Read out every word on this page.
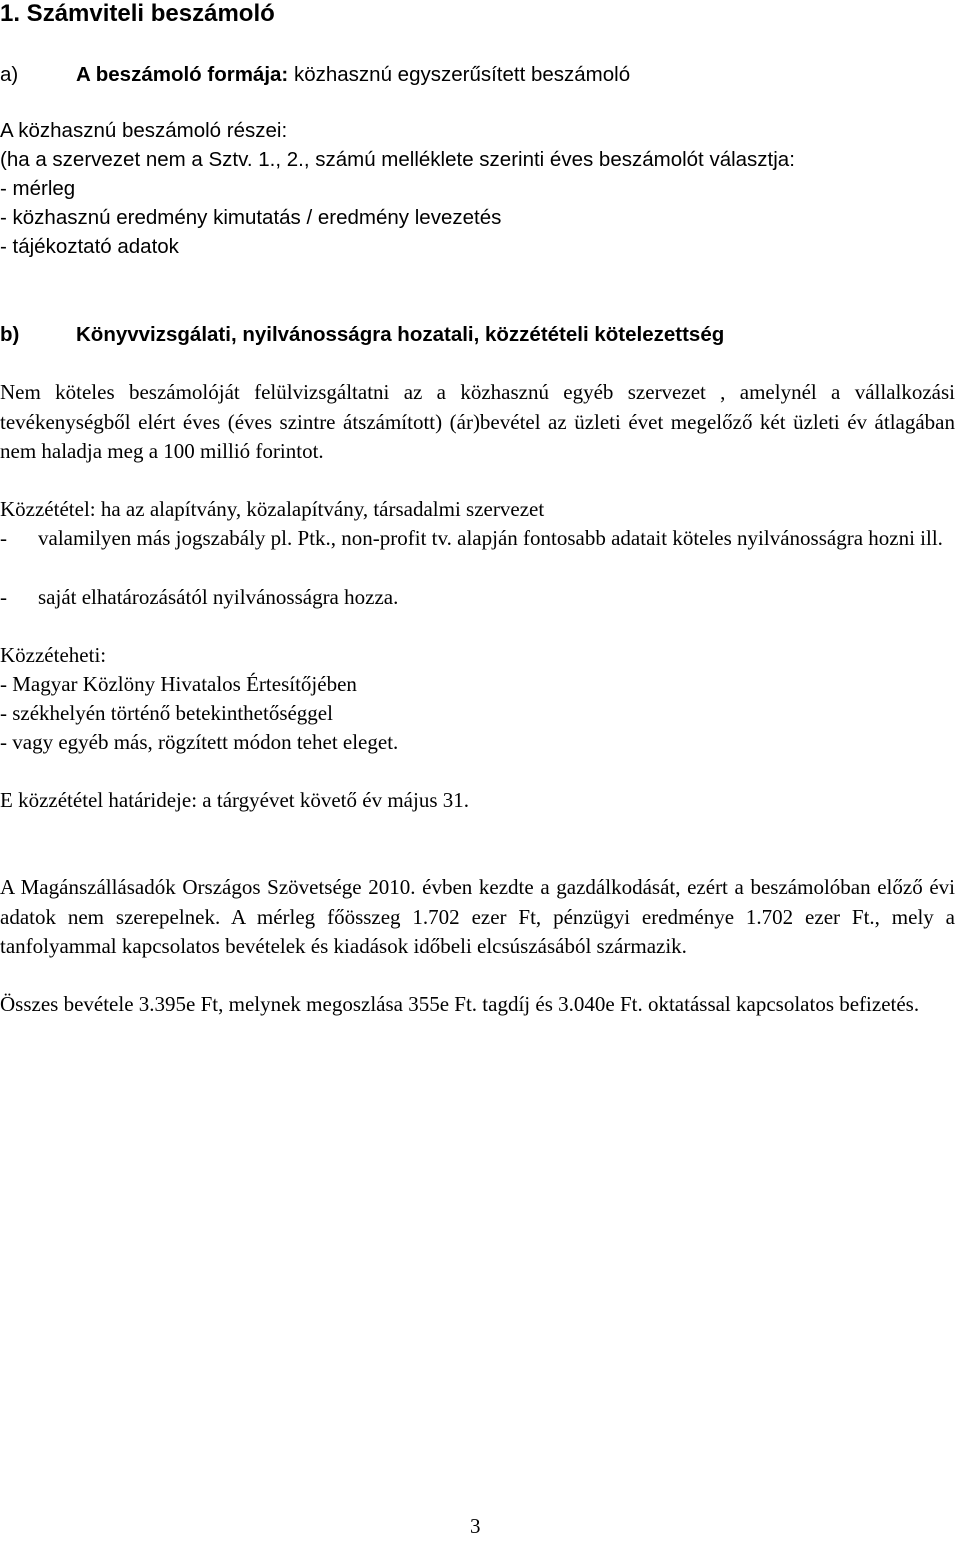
1. Számviteli beszámoló
a)	A beszámoló formája: közhasznú egyszerűsített beszámoló
A közhasznú beszámoló részei:
(ha a szervezet nem a Sztv. 1., 2., számú melléklete szerinti éves beszámolót választja:
- mérleg
- közhasznú eredmény kimutatás / eredmény levezetés
- tájékoztató adatok
b)	Könyvvizsgálati, nyilvánosságra hozatali, közzétételi kötelezettség
Nem köteles beszámolóját felülvizsgáltatni az a közhasznú egyéb szervezet , amelynél a vállalkozási tevékenységből elért éves (éves szintre átszámított) (ár)bevétel az üzleti évet megelőző két üzleti év átlagában nem haladja meg a 100 millió forintot.
Közzététel: ha az alapítvány, közalapítvány, társadalmi szervezet
- valamilyen más jogszabály pl. Ptk., non-profit tv. alapján fontosabb adatait köteles nyilvánosságra hozni ill.
- saját elhatározásától nyilvánosságra hozza.
Közzéteheti:
- Magyar Közlöny Hivatalos Értesítőjében
- székhelyén történő betekinthetőséggel
- vagy egyéb más, rögzített módon tehet eleget.
E közzététel határideje: a tárgyévet követő év május 31.
A Magánszállásadók Országos Szövetsége 2010. évben kezdte a gazdálkodását, ezért a beszámolóban előző évi adatok nem szerepelnek. A mérleg főösszeg 1.702 ezer Ft, pénzügyi eredménye 1.702 ezer Ft., mely a tanfolyammal kapcsolatos bevételek és kiadások időbeli elcsúszásából származik.
Összes bevétele 3.395e Ft, melynek megoszlása 355e Ft. tagdíj és 3.040e Ft. oktatással kapcsolatos befizetés.
3
